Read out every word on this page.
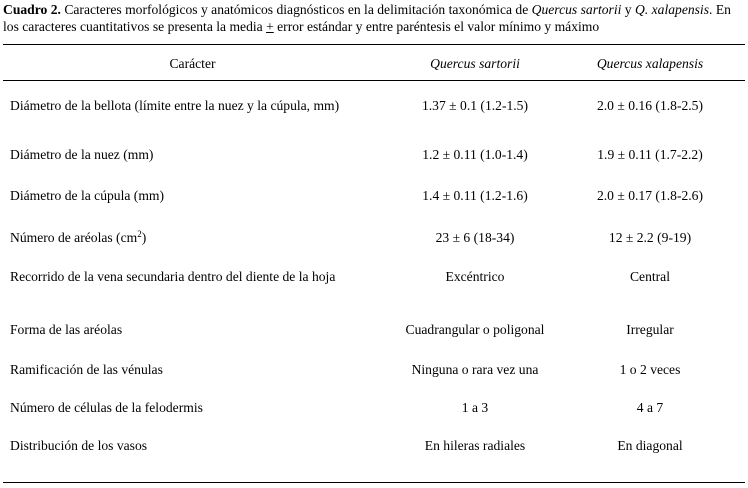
Cuadro 2. Caracteres morfológicos y anatómicos diagnósticos en la delimitación taxonómica de Quercus sartorii y Q. xalapensis. En
los caracteres cuantitativos se presenta la media + error estándar y entre paréntesis el valor mínimo y máximo
Carácter	Quercus sartorii	Quercus xalapensis
Diámetro de la bellota (límite entre la nuez y la cúpula, mm)	1.37 ± 0.1 (1.2-1.5)	2.0 ± 0.16 (1.8-2.5)
Diámetro de la nuez (mm)	1.2 ± 0.11 (1.0-1.4)	1.9 ± 0.11 (1.7-2.2)
Diámetro de la cúpula (mm)	1.4 ± 0.11 (1.2-1.6)	2.0 ± 0.17 (1.8-2.6)
Número de aréolas $(cm^2)$	23 ± 6 (18-34)	12 ± 2.2 (9-19)
Recorrido de la vena secundaria dentro del diente de la hoja	Excéntrico	Central
Forma de las aréolas	Cuadrangular o poligonal	Irregular
Ramificación de las vénulas	Ninguna o rara vez una	1 o 2 veces
Número de células de la felodermis	1 a 3	4 a 7
Distribución de los vasos	En hileras radiales	En diagonal
